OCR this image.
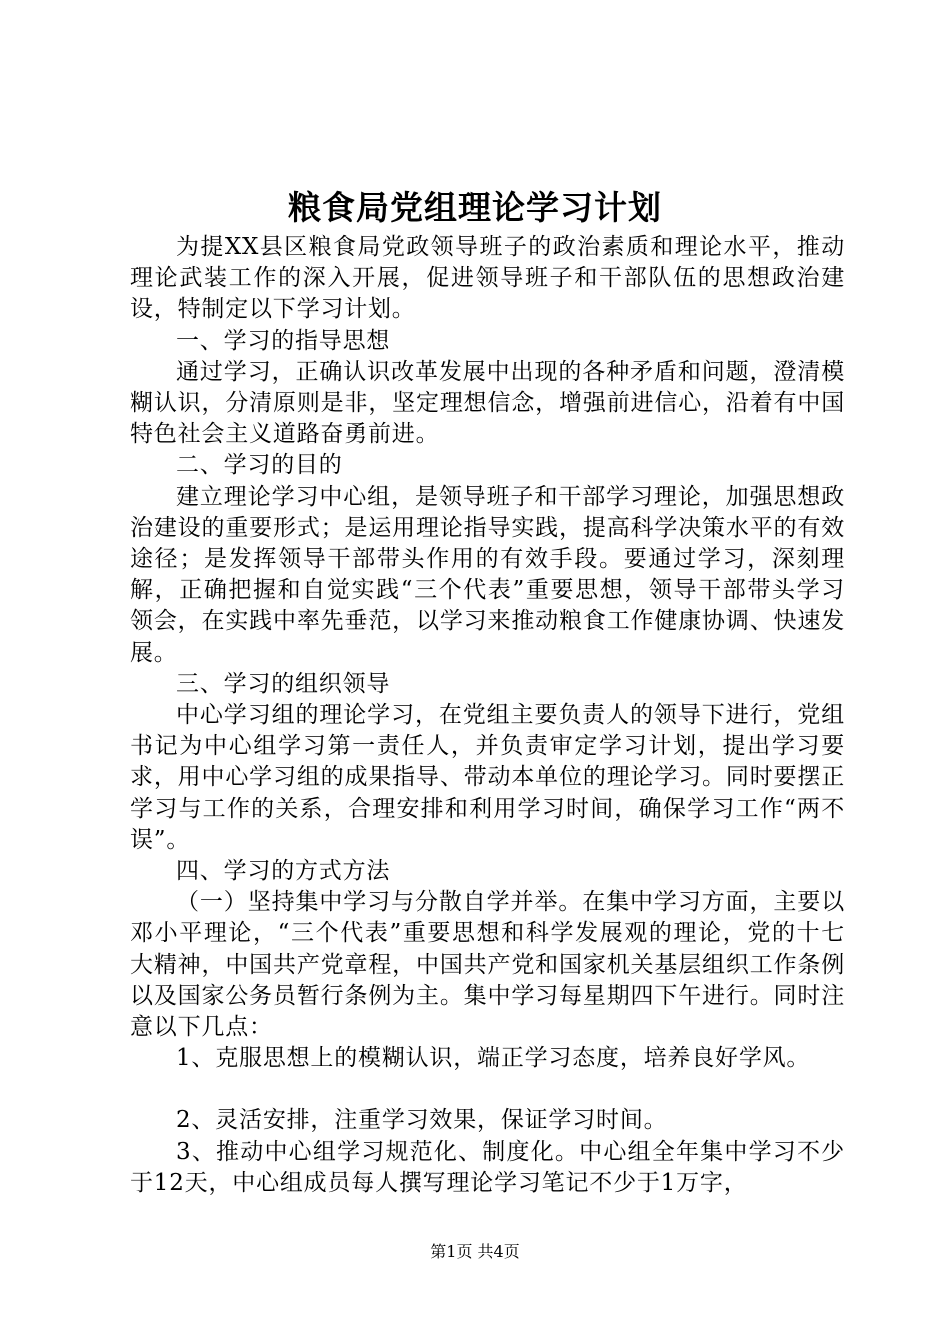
粮食局党组理论学习计划

为提XX县区粮食局党政领导班子的政治素质和理论水平，推动理论武装工作的深入开展，促进领导班子和干部队伍的思想政治建设，特制定以下学习计划。

一、学习的指导思想

通过学习，正确认识改革发展中出现的各种矛盾和问题，澄清模糊认识，分清原则是非，坚定理想信念，增强前进信心，沿着有中国特色社会主义道路奋勇前进。

二、学习的目的

建立理论学习中心组，是领导班子和干部学习理论，加强思想政治建设的重要形式；是运用理论指导实践，提高科学决策水平的有效途径；是发挥领导干部带头作用的有效手段。要通过学习，深刻理解，正确把握和自觉实践“三个代表”重要思想，领导干部带头学习领会，在实践中率先垂范，以学习来推动粮食工作健康协调、快速发展。

三、学习的组织领导

中心学习组的理论学习，在党组主要负责人的领导下进行，党组书记为中心组学习第一责任人，并负责审定学习计划，提出学习要求，用中心学习组的成果指导、带动本单位的理论学习。同时要摆正学习与工作的关系，合理安排和利用学习时间，确保学习工作“两不误”。

四、学习的方式方法

（一）坚持集中学习与分散自学并举。在集中学习方面，主要以邓小平理论，“三个代表”重要思想和科学发展观的理论，党的十七大精神，中国共产党章程，中国共产党和国家机关基层组织工作条例以及国家公务员暂行条例为主。集中学习每星期四下午进行。同时注意以下几点：

1、克服思想上的模糊认识，端正学习态度，培养良好学风。

2、灵活安排，注重学习效果，保证学习时间。

3、推动中心组学习规范化、制度化。中心组全年集中学习不少于12天，中心组成员每人撰写理论学习笔记不少于1万字，

第1页 共4页
